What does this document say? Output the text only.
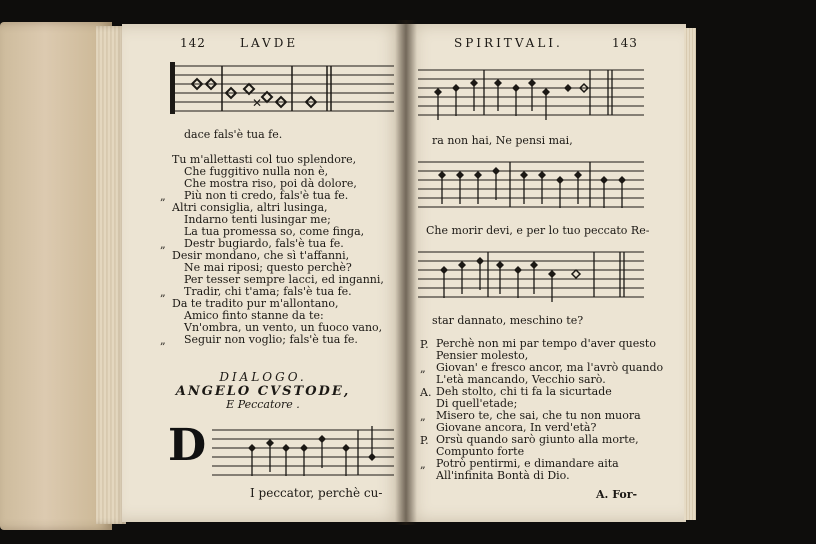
142	LAVDE
✕
dace fals'è tua fe.
„
„
„
„
Tu m'allettasti col tuo splendore,
Che fuggitivo nulla non è,
Che mostra riso, poi dà dolore,
Più non ti credo, fals'è tua fe.
Altri consiglia, altri lusinga,
Indarno tenti lusingar me;
La tua promessa so, come finga,
Destr bugiardo, fals'è tua fe.
Desir mondano, che sì t'affanni,
Ne mai riposi; questo perchè?
Per tesser sempre lacci, ed inganni,
Tradir, chi t'ama; fals'è tua fe.
Da te tradito pur m'allontano,
Amico finto stanne da te:
Vn'ombra, un vento, un fuoco vano,
Seguir non voglio; fals'è tua fe.
DIALOGO.
ANGELO CVSTODE,
E Peccatore .
D
I peccator, perchè cu-
SPIRITVALI.	143
ra non hai, Ne pensi mai,
Che morir devi, e per lo tuo peccato Re-
star dannato, meschino te?
P.
„
A.
„
P.
„
Perchè non mi par tempo d'aver questo
Pensier molesto,
Giovan' e fresco ancor, ma l'avrò quando
L'età mancando, Vecchio sarò.
Deh stolto, chi ti fa la sicurtade
Di quell'etade;
Misero te, che sai, che tu non muora
Giovane ancora, In verd'età?
Orsù quando sarò giunto alla morte,
Compunto forte
Potrò pentirmi, e dimandare aita
All'infinita Bontà di Dio.
A. For-
